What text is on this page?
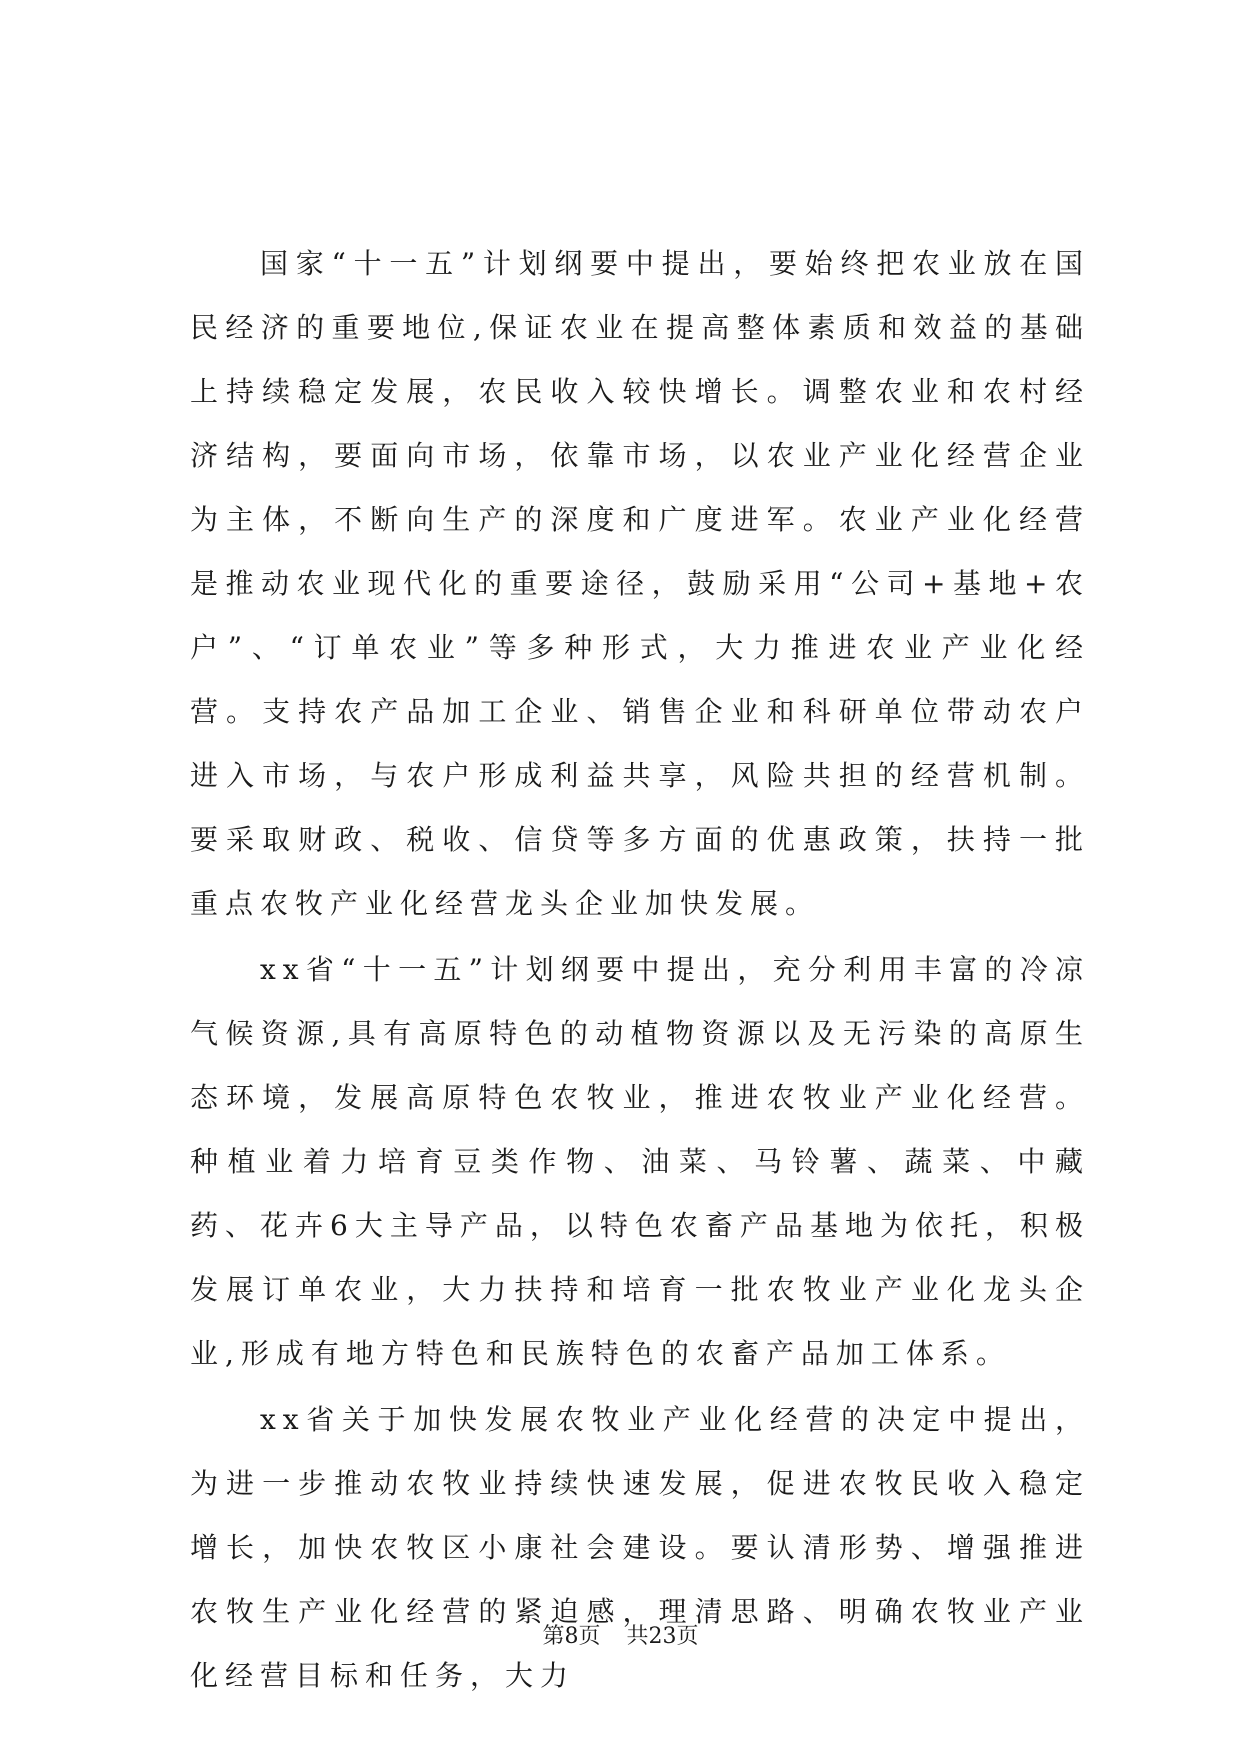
国家“十一五”计划纲要中提出，要始终把农业放在国民经济的重要地位,保证农业在提高整体素质和效益的基础上持续稳定发展，农民收入较快增长。调整农业和农村经济结构，要面向市场，依靠市场，以农业产业化经营企业为主体，不断向生产的深度和广度进军。农业产业化经营是推动农业现代化的重要途径，鼓励采用“公司+基地+农户”、“订单农业”等多种形式，大力推进农业产业化经营。支持农产品加工企业、销售企业和科研单位带动农户进入市场，与农户形成利益共享，风险共担的经营机制。要采取财政、税收、信贷等多方面的优惠政策，扶持一批重点农牧产业化经营龙头企业加快发展。

xx省“十一五”计划纲要中提出，充分利用丰富的冷凉气候资源,具有高原特色的动植物资源以及无污染的高原生态环境，发展高原特色农牧业，推进农牧业产业化经营。种植业着力培育豆类作物、油菜、马铃薯、蔬菜、中藏药、花卉6大主导产品，以特色农畜产品基地为依托，积极发展订单农业，大力扶持和培育一批农牧业产业化龙头企业,形成有地方特色和民族特色的农畜产品加工体系。

xx省关于加快发展农牧业产业化经营的决定中提出，为进一步推动农牧业持续快速发展，促进农牧民收入稳定增长，加快农牧区小康社会建设。要认清形势、增强推进农牧生产业化经营的紧迫感，理清思路、明确农牧业产业化经营目标和任务，大力

第8页 共23页
